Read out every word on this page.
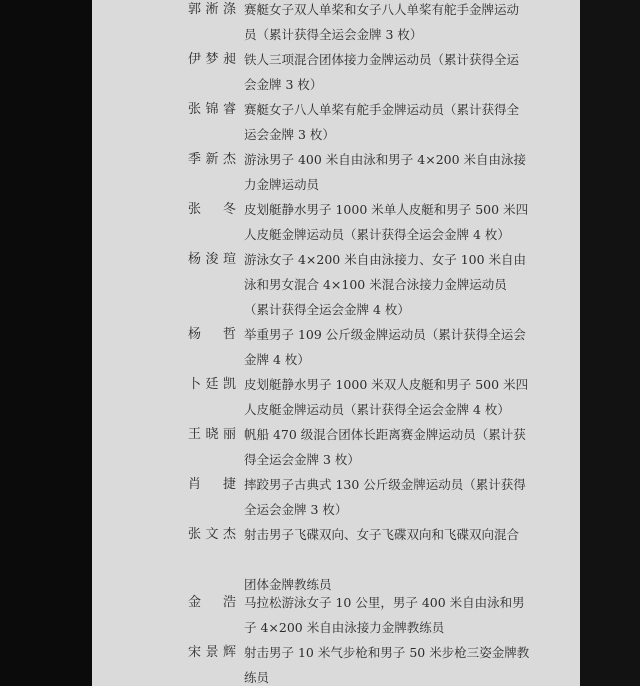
郭淅涤 赛艇女子双人单桨和女子八人单桨有舵手金牌运动
员（累计获得全运会金牌 3 枚）
伊梦昶 铁人三项混合团体接力金牌运动员（累计获得全运
会金牌 3 枚）
张锦睿 赛艇女子八人单桨有舵手金牌运动员（累计获得全
运会金牌 3 枚）
季新杰 游泳男子 400 米自由泳和男子 4×200 米自由泳接
力金牌运动员
张 冬 皮划艇静水男子 1000 米单人皮艇和男子 500 米四
人皮艇金牌运动员（累计获得全运会金牌 4 枚）
杨浚瑄 游泳女子 4×200 米自由泳接力、女子 100 米自由
泳和男女混合 4×100 米混合泳接力金牌运动员
（累计获得全运会金牌 4 枚）
杨 哲 举重男子 109 公斤级金牌运动员（累计获得全运会
金牌 4 枚）
卜廷凯 皮划艇静水男子 1000 米双人皮艇和男子 500 米四
人皮艇金牌运动员（累计获得全运会金牌 4 枚）
王晓丽 帆船 470 级混合团体长距离赛金牌运动员（累计获
得全运会金牌 3 枚）
肖 捷 摔跤男子古典式 130 公斤级金牌运动员（累计获得
全运会金牌 3 枚）
张文杰 射击男子飞碟双向、女子飞碟双向和飞碟双向混合
团体金牌教练员
金 浩 马拉松游泳女子 10 公里，男子 400 米自由泳和男
子 4×200 米自由泳接力金牌教练员
宋景辉 射击男子 10 米气步枪和男子 50 米步枪三姿金牌教
练员
